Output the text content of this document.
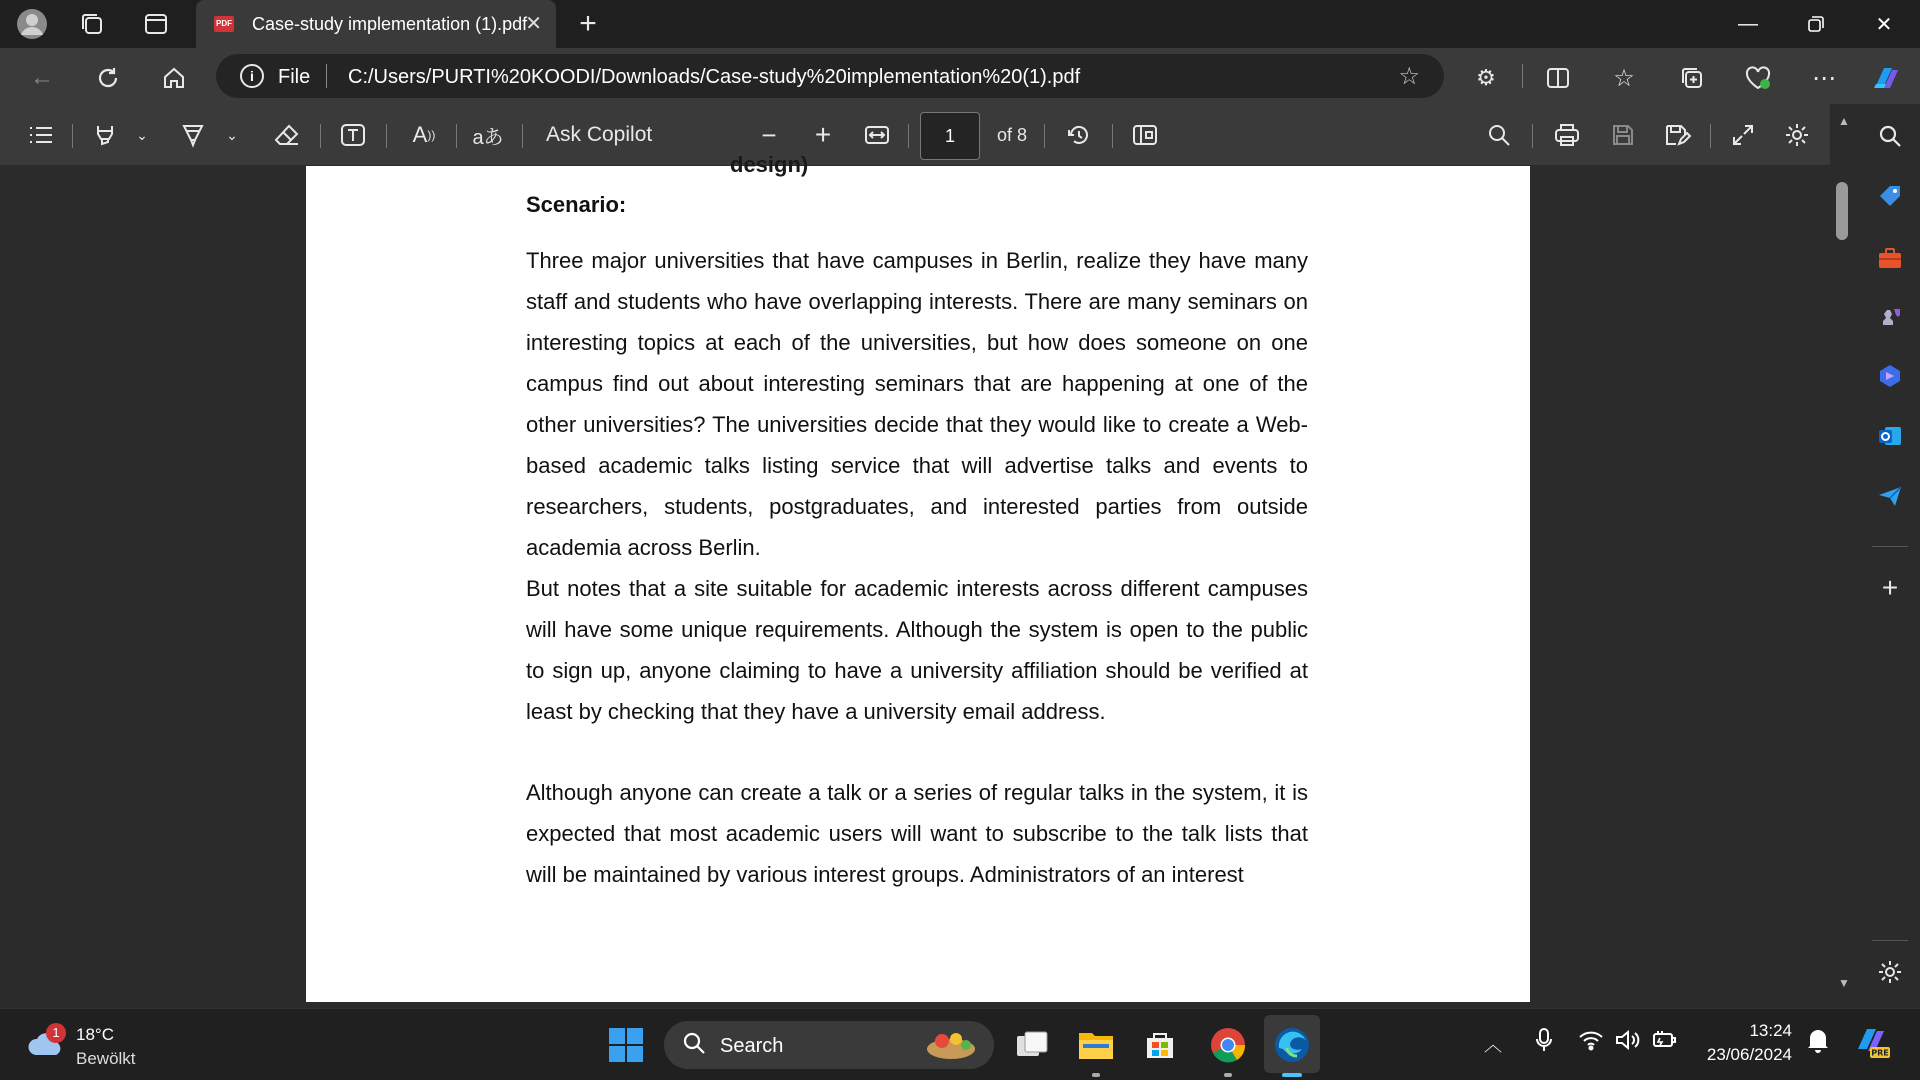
PDF Case-study implementation (1).pdf
✕ +	—	✕
←	i	File C:/Users/PURTI%20KOODI/Downloads/Case-study%20implementation%20(1).pdf	☆	⚙	☆	⋯
⌄	⌄	A )) aあ Ask Copilot	−	+
1	of 8
design)
Scenario:

Three major universities that have campuses in Berlin, realize they have many staff and students who have overlapping interests. There are many seminars on interesting topics at each of the universities, but how does someone on one campus find out about interesting seminars that are happening at one of the other universities? The universities decide that they would like to create a Web-based academic talks listing service that will advertise talks and events to researchers, students, postgraduates, and interested parties from outside academia across Berlin.

But notes that a site suitable for academic interests across different campuses will have some unique requirements. Although the system is open to the public to sign up, anyone claiming to have a university affiliation should be verified at least by checking that they have a university email address.

Although anyone can create a talk or a series of regular talks in the system, it is expected that most academic users will want to subscribe to the talk lists that will be maintained by various interest groups. Administrators of an interest

▲
▼
+
1 18°C
Bewölkt
Search	︿
13:24
23/06/2024	PRE
